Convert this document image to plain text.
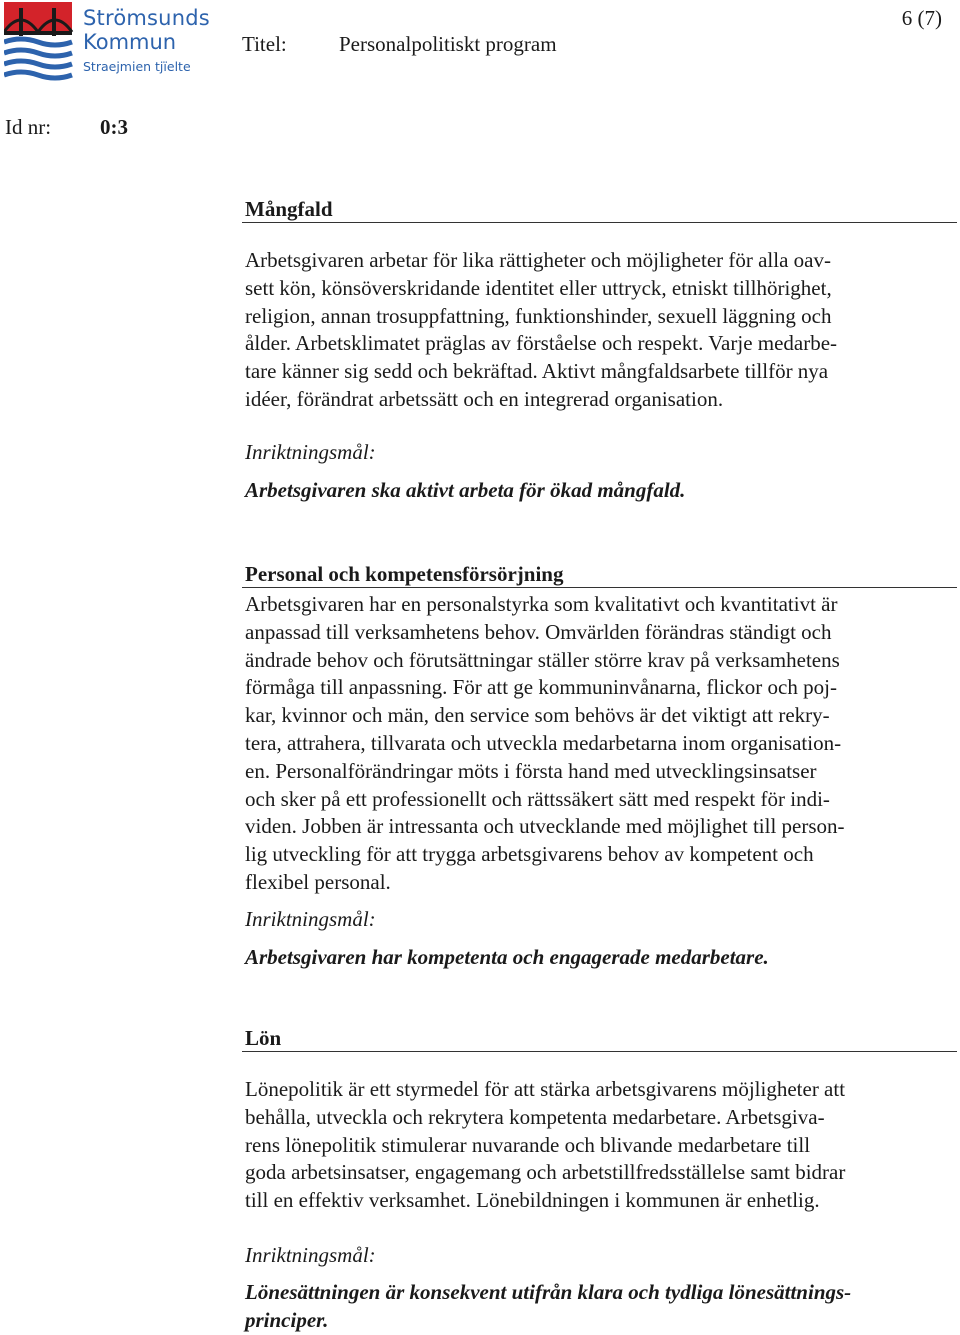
Strömsunds
Kommun
Straejmien tjïelte
Titel: Personalpolitiskt program
6 (7)
Id nr: 0:3
Mångfald
Arbetsgivaren arbetar för lika rättigheter och möjligheter för alla oav-
sett kön, könsöverskridande identitet eller uttryck, etniskt tillhörighet,
religion, annan trosuppfattning, funktionshinder, sexuell läggning och
ålder. Arbetsklimatet präglas av förståelse och respekt. Varje medarbe-
tare känner sig sedd och bekräftad. Aktivt mångfaldsarbete tillför nya
idéer, förändrat arbetssätt och en integrerad organisation.
Inriktningsmål:
Arbetsgivaren ska aktivt arbeta för ökad mångfald.
Personal och kompetensförsörjning
Arbetsgivaren har en personalstyrka som kvalitativt och kvantitativt är
anpassad till verksamhetens behov. Omvärlden förändras ständigt och
ändrade behov och förutsättningar ställer större krav på verksamhetens
förmåga till anpassning. För att ge kommuninvånarna, flickor och poj-
kar, kvinnor och män, den service som behövs är det viktigt att rekry-
tera, attrahera, tillvarata och utveckla medarbetarna inom organisation-
en. Personalförändringar möts i första hand med utvecklingsinsatser
och sker på ett professionellt och rättssäkert sätt med respekt för indi-
viden. Jobben är intressanta och utvecklande med möjlighet till person-
lig utveckling för att trygga arbetsgivarens behov av kompetent och
flexibel personal.
Inriktningsmål:
Arbetsgivaren har kompetenta och engagerade medarbetare.
Lön
Lönepolitik är ett styrmedel för att stärka arbetsgivarens möjligheter att
behålla, utveckla och rekrytera kompetenta medarbetare. Arbetsgiva-
rens lönepolitik stimulerar nuvarande och blivande medarbetare till
goda arbetsinsatser, engagemang och arbetstillfredsställelse samt bidrar
till en effektiv verksamhet. Lönebildningen i kommunen är enhetlig.
Inriktningsmål:
Lönesättningen är konsekvent utifrån klara och tydliga lönesättnings-
principer.
